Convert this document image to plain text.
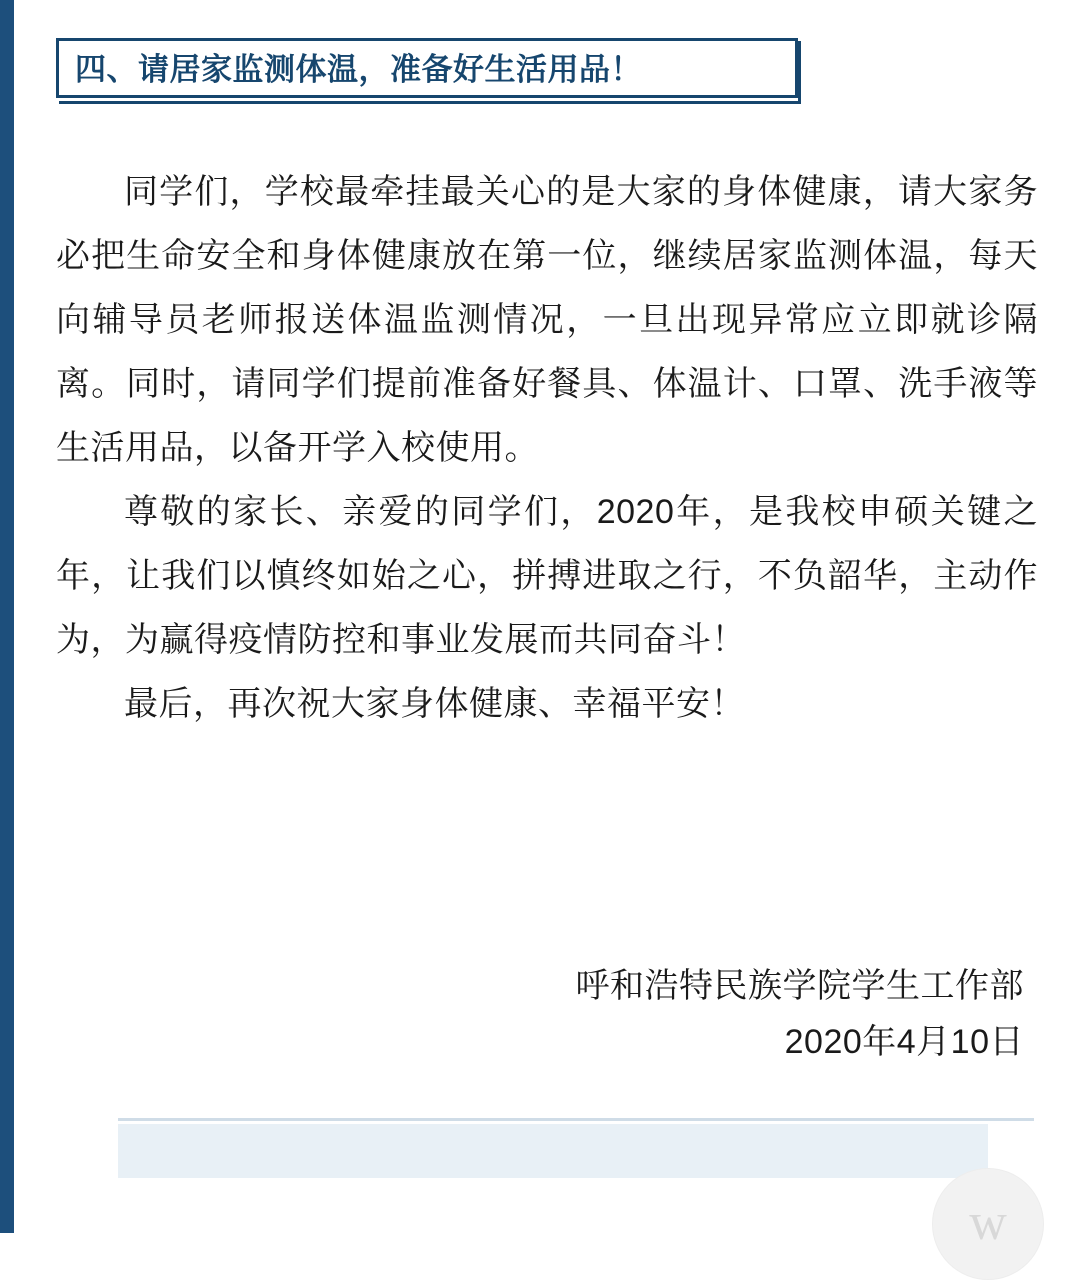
四、请居家监测体温，准备好生活用品！

同学们，学校最牵挂最关心的是大家的身体健康，请大家务必把生命安全和身体健康放在第一位，继续居家监测体温，每天向辅导员老师报送体温监测情况，一旦出现异常应立即就诊隔离。同时，请同学们提前准备好餐具、体温计、口罩、洗手液等生活用品，以备开学入校使用。

尊敬的家长、亲爱的同学们，2020年，是我校申硕关键之年，让我们以慎终如始之心，拼搏进取之行，不负韶华，主动作为，为赢得疫情防控和事业发展而共同奋斗！

最后，再次祝大家身体健康、幸福平安！

呼和浩特民族学院学生工作部
2020年4月10日
w
